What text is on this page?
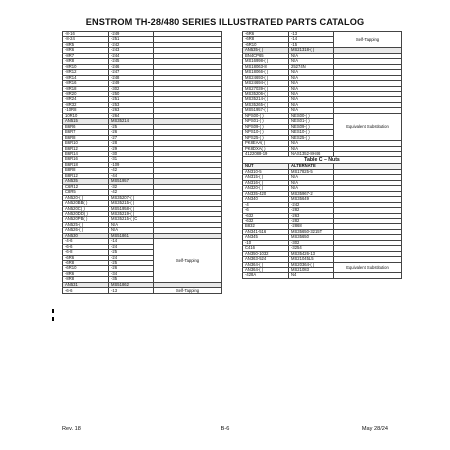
ENSTROM TH-28/480 SERIES ILLUSTRATED PARTS CATALOG
-8-16	-249	
-8-24	-251	
-8R5	-242	
-8R6	-243	
-8R7	-244	
-8R8	-245	
-8R10	-246	
-8R12	-247	
-8R14	-248	
-8R16	-249	
-8R18	-302	
-8R20	-250	
-8R24	-251	
-8R32	-253	
-10R8	-263	
10R10	-264	
AN515	MS35214	
B6R6	-25	
B6R7	-26	
B6R8	-27	
B6R10	-28	
B6R12	-29	
B6R14	-30	
B6R16	-31	
B6R18	-109	
B8R8	-42	
B8R12	-44	
AN535	MS51957	
C6R12	-32	
C8R5	-42	
AN520-( )	MS35207-( )	
AN520BB( )	MS35215-( )	
AN520C( )	MS51958-( )	
AN520DD( )	MS35219-( )	
AN520PB( )	MS35215-( )C	
AN525-( )	N/A	
AN526-( )	N/A	
AN530	MS51861	
-4-6	-14	Self-Tapping
-6-6	-24	
-6-8	-25	
-6R6	-24	
-6R8	-25	
-6R10	-26	
-8R6	-34	
-8R8	-35	
AN531	MS51862	
-6-6	-13	Self-Tapping
-6R6	-13	Self-Tapping
-6R8	-14	
-6R10	-15	
AN535-( )	MS21318-( )	
BN4CP65	N/A	
MS16998-( )	N/A	
MS18063-8	25274N	
MS18066-( )	N/A	
MS24693-( )	N/A	
MS24694-( )	N/A	
MS27039-( )	N/A	
MS35206-( )	N/A	
MS35214-( )	N/A	
MS35265-( )	N/A	
MS51957-( )	N/A	
NPS00-( )	NES00-( )	Equivalent Substitution
NPS01-( )	NES01-( )	
NPS09-( )	NES09-( )	
NPS10-( )	NES10-( )	
NPS25-( )	NES25-( )	
PK8EAA( )	N/A	
PK8DXA( )	N/A	
4122088-19	NAS1352-8H46	
Table C – Nuts		
NUT	ALTERNATE	
AN310-5	MS17825-5	
AN315-( )	N/A	
AN316-( )	N/A	
AN320-( )	N/A	
AN335-420	MS35967-2	
AN340	MS35649	
-4	-242	
-6	-282	
-632	-263	
-632	-282	
B832	-2868	
AN341-516	MS35650-3215T	
AN345	MS35650	
-10	-302	
C416	-3254	
AN350-1032	MS35426-13	
AN363-524	MS21045L5	
AN364-( )	MS20364-( )	Equivalent Substitution
AN364-( )	MS21083	
-428A	N4	
Rev. 18	B-6	May 28/24
